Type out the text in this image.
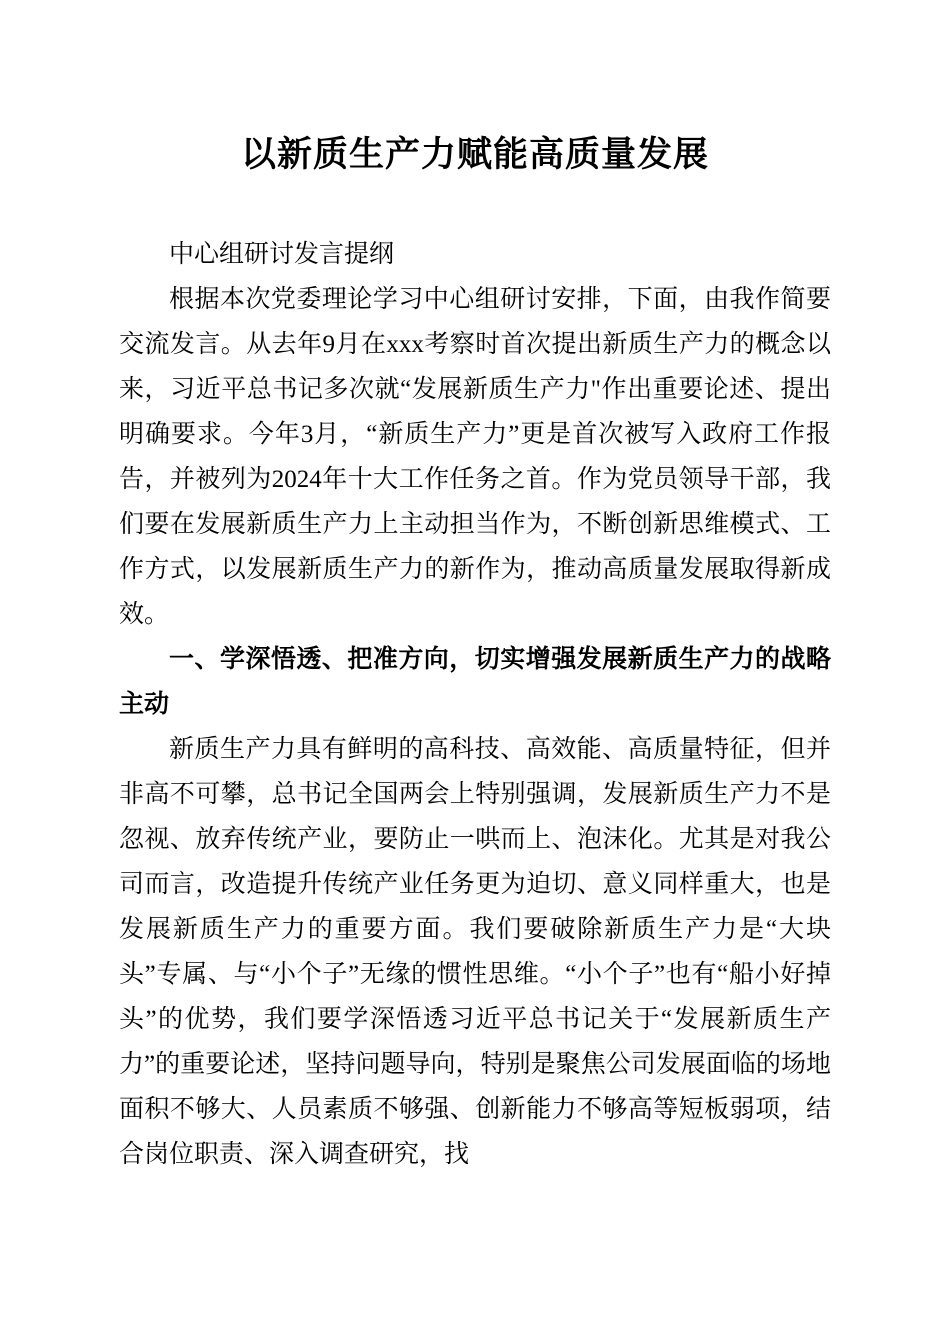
以新质生产力赋能高质量发展

中心组研讨发言提纲

根据本次党委理论学习中心组研讨安排，下面，由我作简要交流发言。从去年9月在xxx考察时首次提出新质生产力的概念以来，习近平总书记多次就“发展新质生产力"作出重要论述、提出明确要求。今年3月，“新质生产力”更是首次被写入政府工作报告，并被列为2024年十大工作任务之首。作为党员领导干部，我们要在发展新质生产力上主动担当作为，不断创新思维模式、工作方式，以发展新质生产力的新作为，推动高质量发展取得新成效。

一、学深悟透、把准方向，切实增强发展新质生产力的战略主动

新质生产力具有鲜明的高科技、高效能、高质量特征，但并非高不可攀，总书记全国两会上特别强调，发展新质生产力不是忽视、放弃传统产业，要防止一哄而上、泡沫化。尤其是对我公司而言，改造提升传统产业任务更为迫切、意义同样重大，也是发展新质生产力的重要方面。我们要破除新质生产力是“大块头”专属、与“小个子”无缘的惯性思维。“小个子”也有“船小好掉头”的优势，我们要学深悟透习近平总书记关于“发展新质生产力”的重要论述，坚持问题导向，特别是聚焦公司发展面临的场地面积不够大、人员素质不够强、创新能力不够高等短板弱项，结合岗位职责、深入调查研究，找
